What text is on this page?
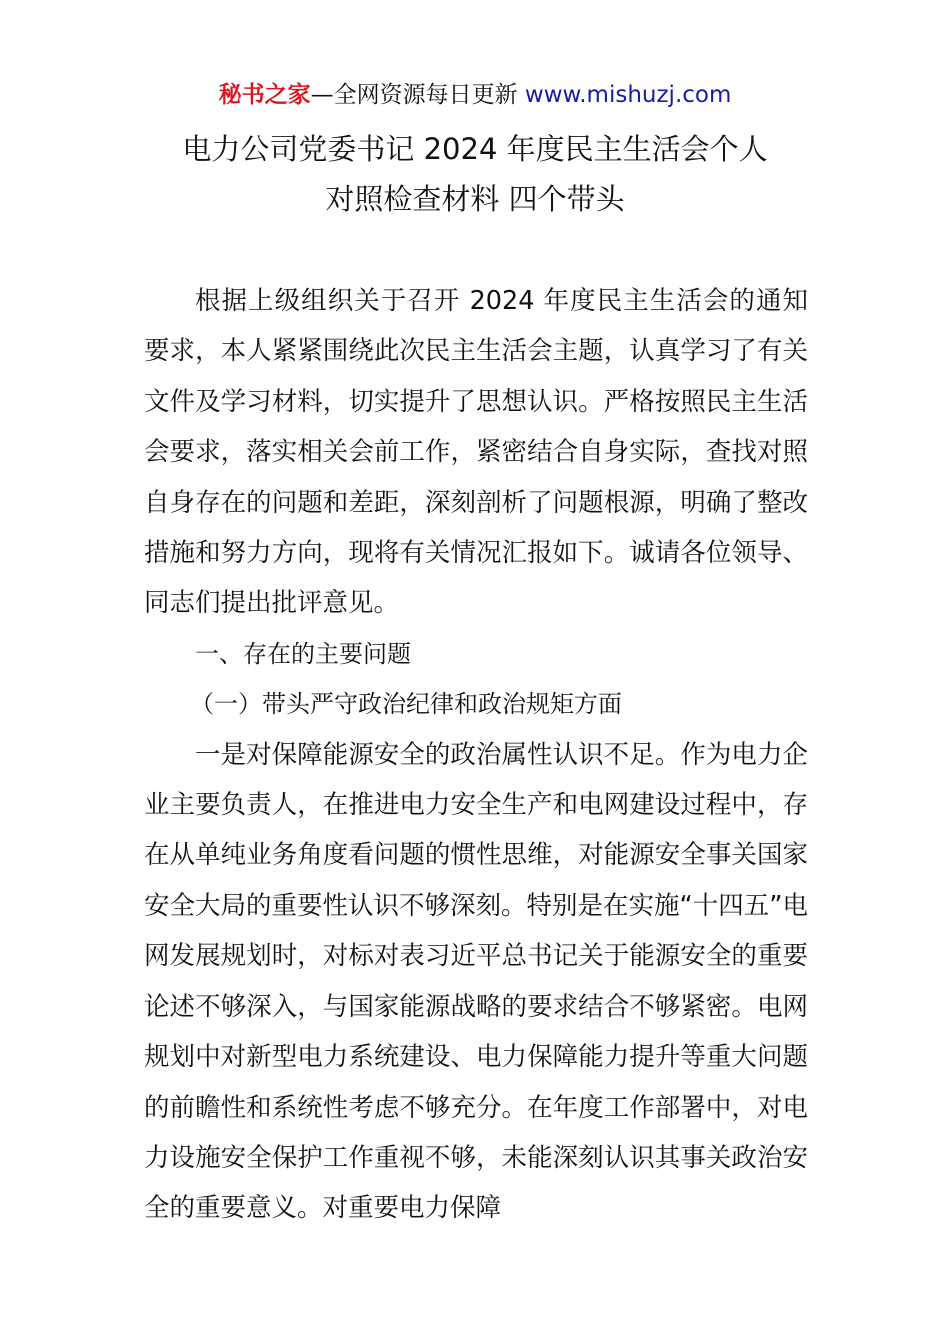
秘书之家—全网资源每日更新 www.mishuzj.com
电力公司党委书记 2024 年度民主生活会个人
对照检查材料 四个带头

根据上级组织关于召开 2024 年度民主生活会的通知要求，本人紧紧围绕此次民主生活会主题，认真学习了有关文件及学习材料，切实提升了思想认识。严格按照民主生活会要求，落实相关会前工作，紧密结合自身实际，查找对照自身存在的问题和差距，深刻剖析了问题根源，明确了整改措施和努力方向，现将有关情况汇报如下。诚请各位领导、同志们提出批评意见。

一、存在的主要问题

（一）带头严守政治纪律和政治规矩方面

一是对保障能源安全的政治属性认识不足。作为电力企业主要负责人，在推进电力安全生产和电网建设过程中，存在从单纯业务角度看问题的惯性思维，对能源安全事关国家安全大局的重要性认识不够深刻。特别是在实施“十四五”电网发展规划时，对标对表习近平总书记关于能源安全的重要论述不够深入，与国家能源战略的要求结合不够紧密。电网规划中对新型电力系统建设、电力保障能力提升等重大问题的前瞻性和系统性考虑不够充分。在年度工作部署中，对电力设施安全保护工作重视不够，未能深刻认识其事关政治安全的重要意义。对重要电力保障
